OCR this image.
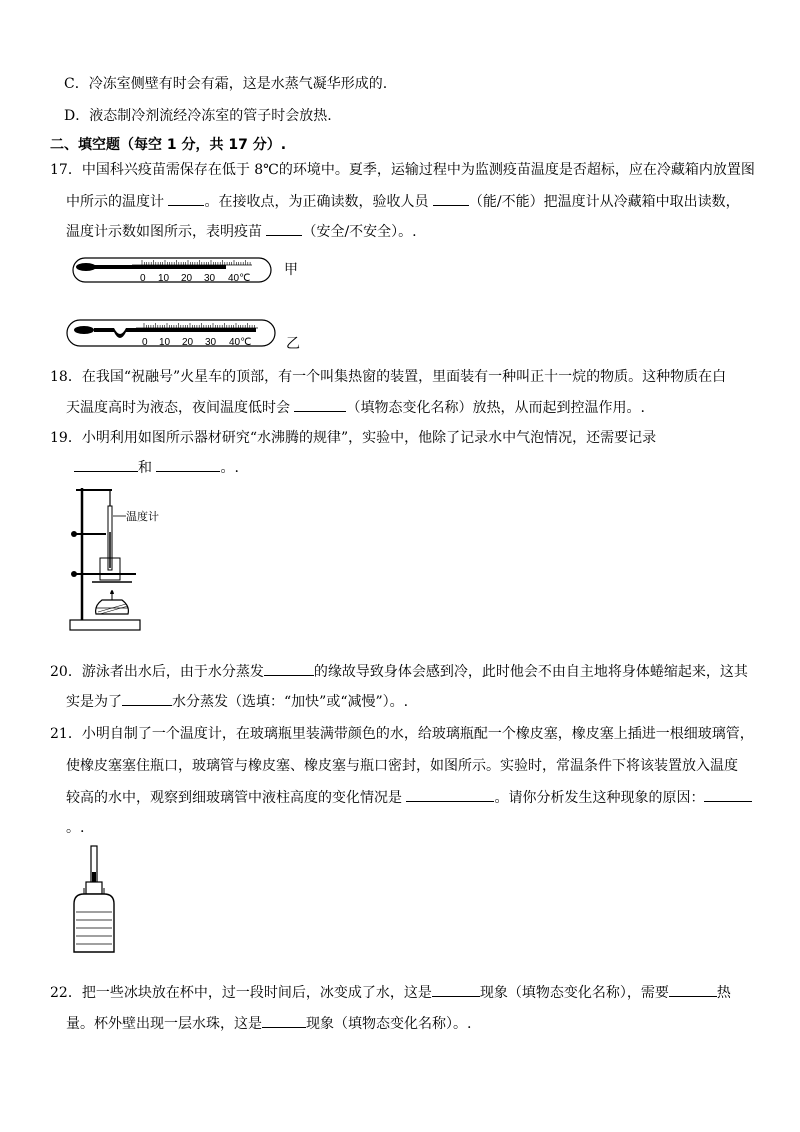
C．冷冻室侧壁有时会有霜，这是水蒸气凝华形成的.
D．液态制冷剂流经冷冻室的管子时会放热.
二、填空题（每空 1 分，共 17 分）.
17．中国科兴疫苗需保存在低于 8℃的环境中。夏季，运输过程中为监测疫苗温度是否超标，应在冷藏箱内放置图
中所示的温度计	。在接收点，为正确读数，验收人员	（能/不能）把温度计从冷藏箱中取出读数，
温度计示数如图所示，表明疫苗	（安全/不安全）。.
0 10 20 30 40℃
甲
0 10 20 30 40℃ 乙
18．在我国“祝融号”火星车的顶部，有一个叫集热窗的装置，里面装有一种叫正十一烷的物质。这种物质在白
天温度高时为液态，夜间温度低时会	（填物态变化名称）放热，从而起到控温作用。.
19．小明利用如图所示器材研究“水沸腾的规律”，实验中，他除了记录水中气泡情况，还需要记录
和	。.
温度计
20．游泳者出水后，由于水分蒸发	的缘故导致身体会感到冷，此时他会不由自主地将身体蜷缩起来，这其
实是为了	水分蒸发（选填：“加快”或“减慢”）。.
21．小明自制了一个温度计，在玻璃瓶里装满带颜色的水，给玻璃瓶配一个橡皮塞，橡皮塞上插进一根细玻璃管，
使橡皮塞塞住瓶口，玻璃管与橡皮塞、橡皮塞与瓶口密封，如图所示。实验时，常温条件下将该装置放入温度
较高的水中，观察到细玻璃管中液柱高度的变化情况是	。请你分析发生这种现象的原因：
。.
22．把一些冰块放在杯中，过一段时间后，冰变成了水，这是	现象（填物态变化名称），需要	热
量。杯外壁出现一层水珠，这是	现象（填物态变化名称）。.
